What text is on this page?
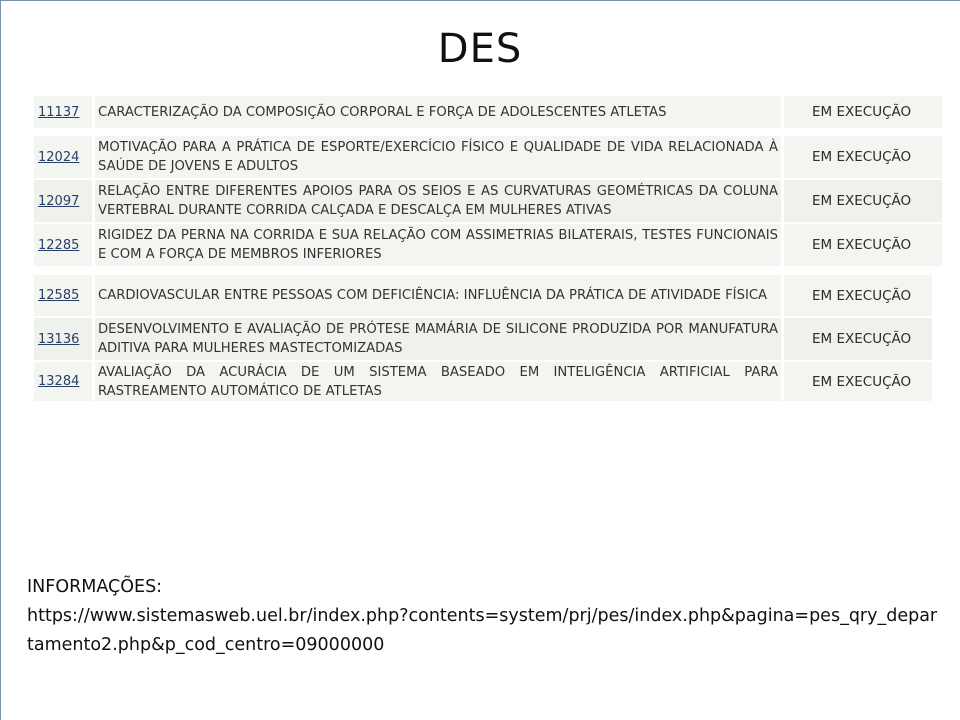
DES
11137 CARACTERIZAÇÃO DA COMPOSIÇÃO CORPORAL E FORÇA DE ADOLESCENTES ATLETAS	EM EXECUÇÃO
12024
MOTIVAÇÃO PARA A PRÁTICA DE ESPORTE/EXERCÍCIO FÍSICO E QUALIDADE DE VIDA RELACIONADA À SAÚDE DE JOVENS E ADULTOS
EM EXECUÇÃO
12097
RELAÇÃO ENTRE DIFERENTES APOIOS PARA OS SEIOS E AS CURVATURAS GEOMÉTRICAS DA COLUNA VERTEBRAL DURANTE CORRIDA CALÇADA E DESCALÇA EM MULHERES ATIVAS
EM EXECUÇÃO
12285
RIGIDEZ DA PERNA NA CORRIDA E SUA RELAÇÃO COM ASSIMETRIAS BILATERAIS, TESTES FUNCIONAIS E COM A FORÇA DE MEMBROS INFERIORES
EM EXECUÇÃO
12585 CARDIOVASCULAR ENTRE PESSOAS COM DEFICIÊNCIA: INFLUÊNCIA DA PRÁTICA DE ATIVIDADE FÍSICA	EM EXECUÇÃO
13136
DESENVOLVIMENTO E AVALIAÇÃO DE PRÓTESE MAMÁRIA DE SILICONE PRODUZIDA POR MANUFATURA ADITIVA PARA MULHERES MASTECTOMIZADAS
EM EXECUÇÃO
13284
AVALIAÇÃO DA ACURÁCIA DE UM SISTEMA BASEADO EM INTELIGÊNCIA ARTIFICIAL PARA RASTREAMENTO AUTOMÁTICO DE ATLETAS
EM EXECUÇÃO
INFORMAÇÕES:
https://www.sistemasweb.uel.br/index.php?contents=system/prj/pes/index.php&pagina=pes_qry_departamento2.php&p_cod_centro=09000000
